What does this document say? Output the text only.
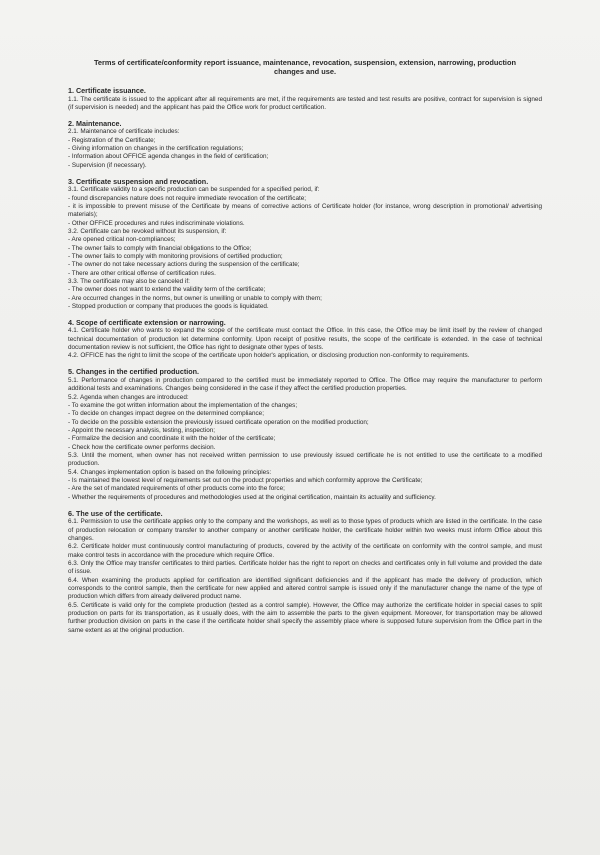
Terms of certificate/conformity report issuance, maintenance, revocation, suspension, extension, narrowing, production changes and use.
1. Certificate issuance.
1.1. The certificate is issued to the applicant after all requirements are met, if the requirements are tested and test results are positive, contract for supervision is signed (if supervision is needed) and the applicant has paid the Office work for product certification.
2. Maintenance.
2.1. Maintenance of certificate includes:
- Registration of the Certificate;
- Giving information on changes in the certification regulations;
- Information about OFFICE agenda changes in the field of certification;
- Supervision (if necessary).
3. Certificate suspension and revocation.
3.1. Certificate validity to a specific production can be suspended for a specified period, if:
- found discrepancies nature does not require immediate revocation of the certificate;
- it is impossible to prevent misuse of the Certificate by means of corrective actions of Certificate holder (for instance, wrong description in promotional/ advertising materials);
- Other OFFICE procedures and rules indiscriminate violations.
3.2. Certificate can be revoked without its suspension, if:
- Are opened critical non-compliances;
- The owner fails to comply with financial obligations to the Office;
- The owner fails to comply with monitoring provisions of certified production;
- The owner do not take necessary actions during the suspension of the certificate;
- There are other critical offense of certification rules.
3.3. The certificate may also be canceled if:
- The owner does not want to extend the validity term of the certificate;
- Are occurred changes in the norms, but owner is unwilling or unable to comply with them;
- Stopped production or company that produces the goods is liquidated.
4. Scope of certificate extension or narrowing.
4.1. Certificate holder who wants to expand the scope of the certificate must contact the Office. In this case, the Office may be limit itself by the review of changed technical documentation of production let determine conformity. Upon receipt of positive results, the scope of the certificate is extended. In the case of technical documentation review is not sufficient, the Office has right to designate other types of tests.
4.2. OFFICE has the right to limit the scope of the certificate upon holder's application, or disclosing production non-conformity to requirements.
5. Changes in the certified production.
5.1. Performance of changes in production compared to the certified must be immediately reported to Office. The Office may require the manufacturer to perform additional tests and examinations. Changes being considered in the case if they affect the certified production properties.
5.2. Agenda when changes are introduced:
- To examine the got written information about the implementation of the changes;
- To decide on changes impact degree on the determined compliance;
- To decide on the possible extension the previously issued certificate operation on the modified production;
- Appoint the necessary analysis, testing, inspection;
- Formalize the decision and coordinate it with the holder of the certificate;
- Check how the certificate owner performs decision.
5.3. Until the moment, when owner has not received written permission to use previously issued certificate he is not entitled to use the certificate to a modified production.
5.4. Changes implementation option is based on the following principles:
- Is maintained the lowest level of requirements set out on the product properties and which conformity approve the Certificate;
- Are the set of mandated requirements of other products come into the force;
- Whether the requirements of procedures and methodologies used at the original certification, maintain its actuality and sufficiency.
6. The use of the certificate.
6.1. Permission to use the certificate applies only to the company and the workshops, as well as to those types of products which are listed in the certificate. In the case of production relocation or company transfer to another company or another certificate holder, the certificate holder within two weeks must inform Office about this changes.
6.2. Certificate holder must continuously control manufacturing of products, covered by the activity of the certificate on conformity with the control sample, and must make control tests in accordance with the procedure which require Office.
6.3. Only the Office may transfer certificates to third parties. Certificate holder has the right to report on checks and certificates only in full volume and provided the date of issue.
6.4. When examining the products applied for certification are identified significant deficiencies and if the applicant has made the delivery of production, which corresponds to the control sample, then the certificate for new applied and altered control sample is issued only if the manufacturer change the name of the type of production which differs from already delivered product name.
6.5. Certificate is valid only for the complete production (tested as a control sample). However, the Office may authorize the certificate holder in special cases to split production on parts for its transportation, as it usually does, with the aim to assemble the parts to the given equipment. Moreover, for transportation may be allowed further production division on parts in the case if the certificate holder shall specify the assembly place where is supposed future supervision from the Office part in the same extent as at the original production.
